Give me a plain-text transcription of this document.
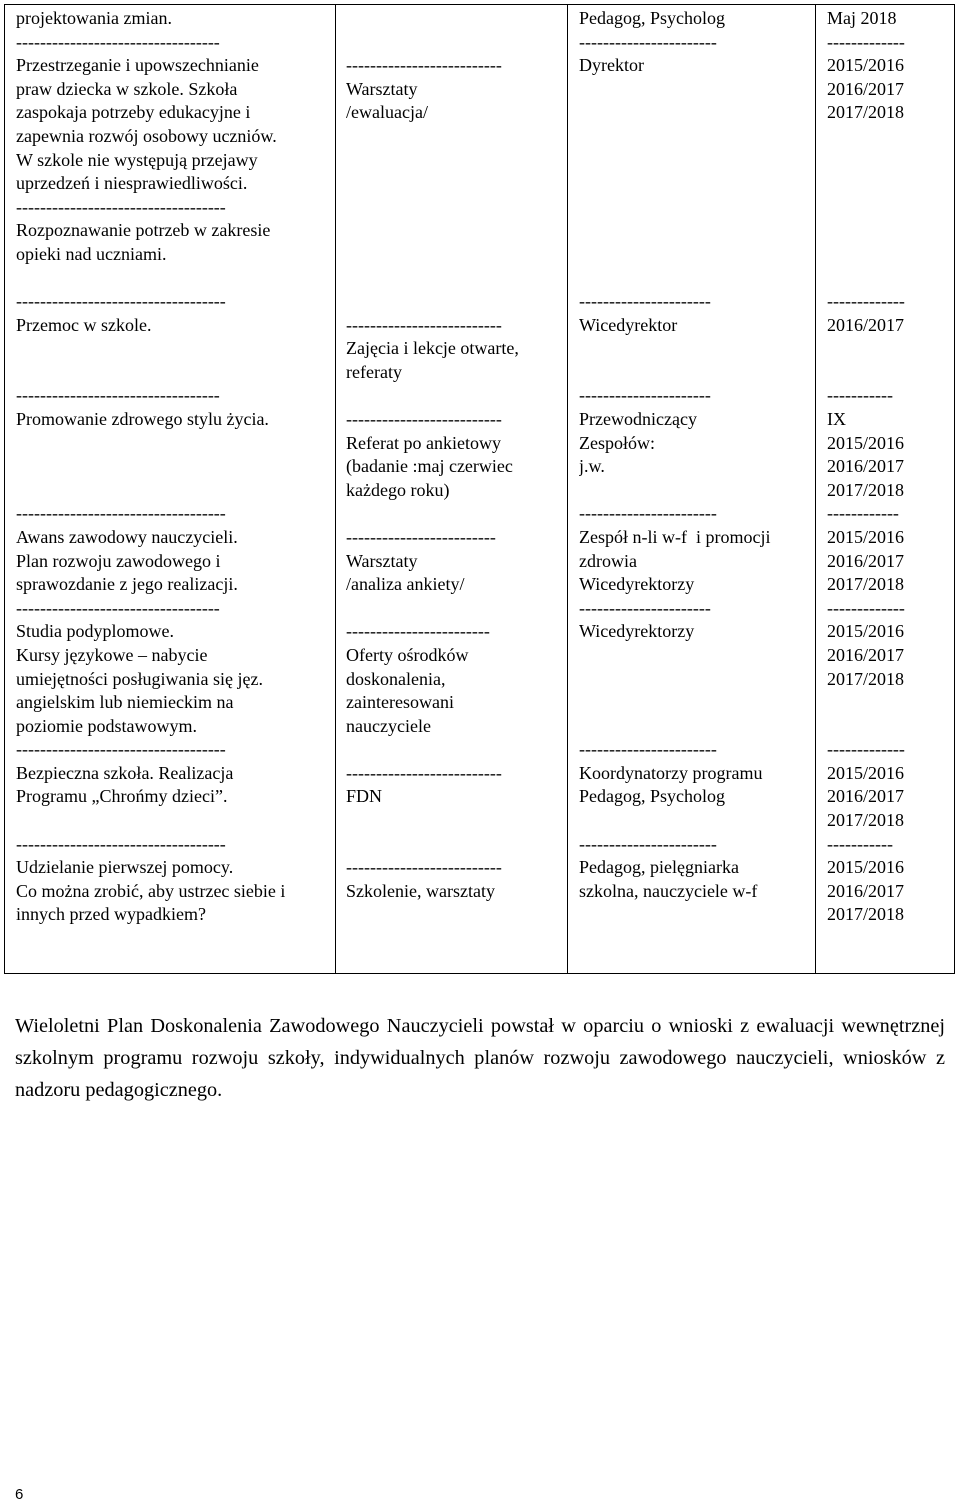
projektowania zmian.
----------------------------------
Przestrzeganie i upowszechnianie
praw dziecka w szkole. Szkoła
zaspokaja potrzeby edukacyjne i
zapewnia rozwój osobowy uczniów.
W szkole nie występują przejawy
uprzedzeń i niesprawiedliwości.
-----------------------------------
Rozpoznawanie potrzeb w zakresie
opieki nad uczniami.

-----------------------------------
Przemoc w szkole.
----------------------------------
Promowanie zdrowego stylu życia.
-----------------------------------
Awans zawodowy nauczycieli.
Plan rozwoju zawodowego i
sprawozdanie z jego realizacji.
----------------------------------
Studia podyplomowe.
Kursy językowe – nabycie
umiejętności posługiwania się jęz.
angielskim lub niemieckim na
poziomie podstawowym.
-----------------------------------
Bezpieczna szkoła. Realizacja
Programu „Chrońmy dzieci”.
-----------------------------------
Udzielanie pierwszej pomocy.
Co można zrobić, aby ustrzec siebie i
innych przed wypadkiem?

--------------------------
Warsztaty
/ewaluacja/

--------------------------
Zajęcia i lekcje otwarte,
referaty
--------------------------
Referat po ankietowy
(badanie :maj czerwiec
każdego roku)
-------------------------
Warsztaty
/analiza ankiety/
------------------------
Oferty ośrodków
doskonalenia,
zainteresowani
nauczyciele
--------------------------
FDN
--------------------------
Szkolenie, warsztaty

Pedagog, Psycholog
-----------------------
Dyrektor

----------------------
Wicedyrektor
----------------------
Przewodniczący
Zespołów:
j.w.
-----------------------
Zespół n-li w-f  i promocji
zdrowia
Wicedyrektorzy
----------------------
Wicedyrektorzy
-----------------------
Koordynatorzy programu
Pedagog, Psycholog
-----------------------
Pedagog, pielęgniarka
szkolna, nauczyciele w-f

Maj 2018
-------------
2015/2016
2016/2017
2017/2018

-------------
2016/2017
-----------
IX
2015/2016
2016/2017
2017/2018
------------
2015/2016
2016/2017
2017/2018
-------------
2015/2016
2016/2017
2017/2018
-------------
2015/2016
2016/2017
2017/2018
-----------
2015/2016
2016/2017
2017/2018

Wieloletni Plan Doskonalenia Zawodowego Nauczycieli powstał w oparciu o wnioski z ewaluacji wewnętrznej szkolnym programu rozwoju szkoły, indywidualnych planów rozwoju zawodowego nauczycieli, wniosków z nadzoru pedagogicznego.
6
